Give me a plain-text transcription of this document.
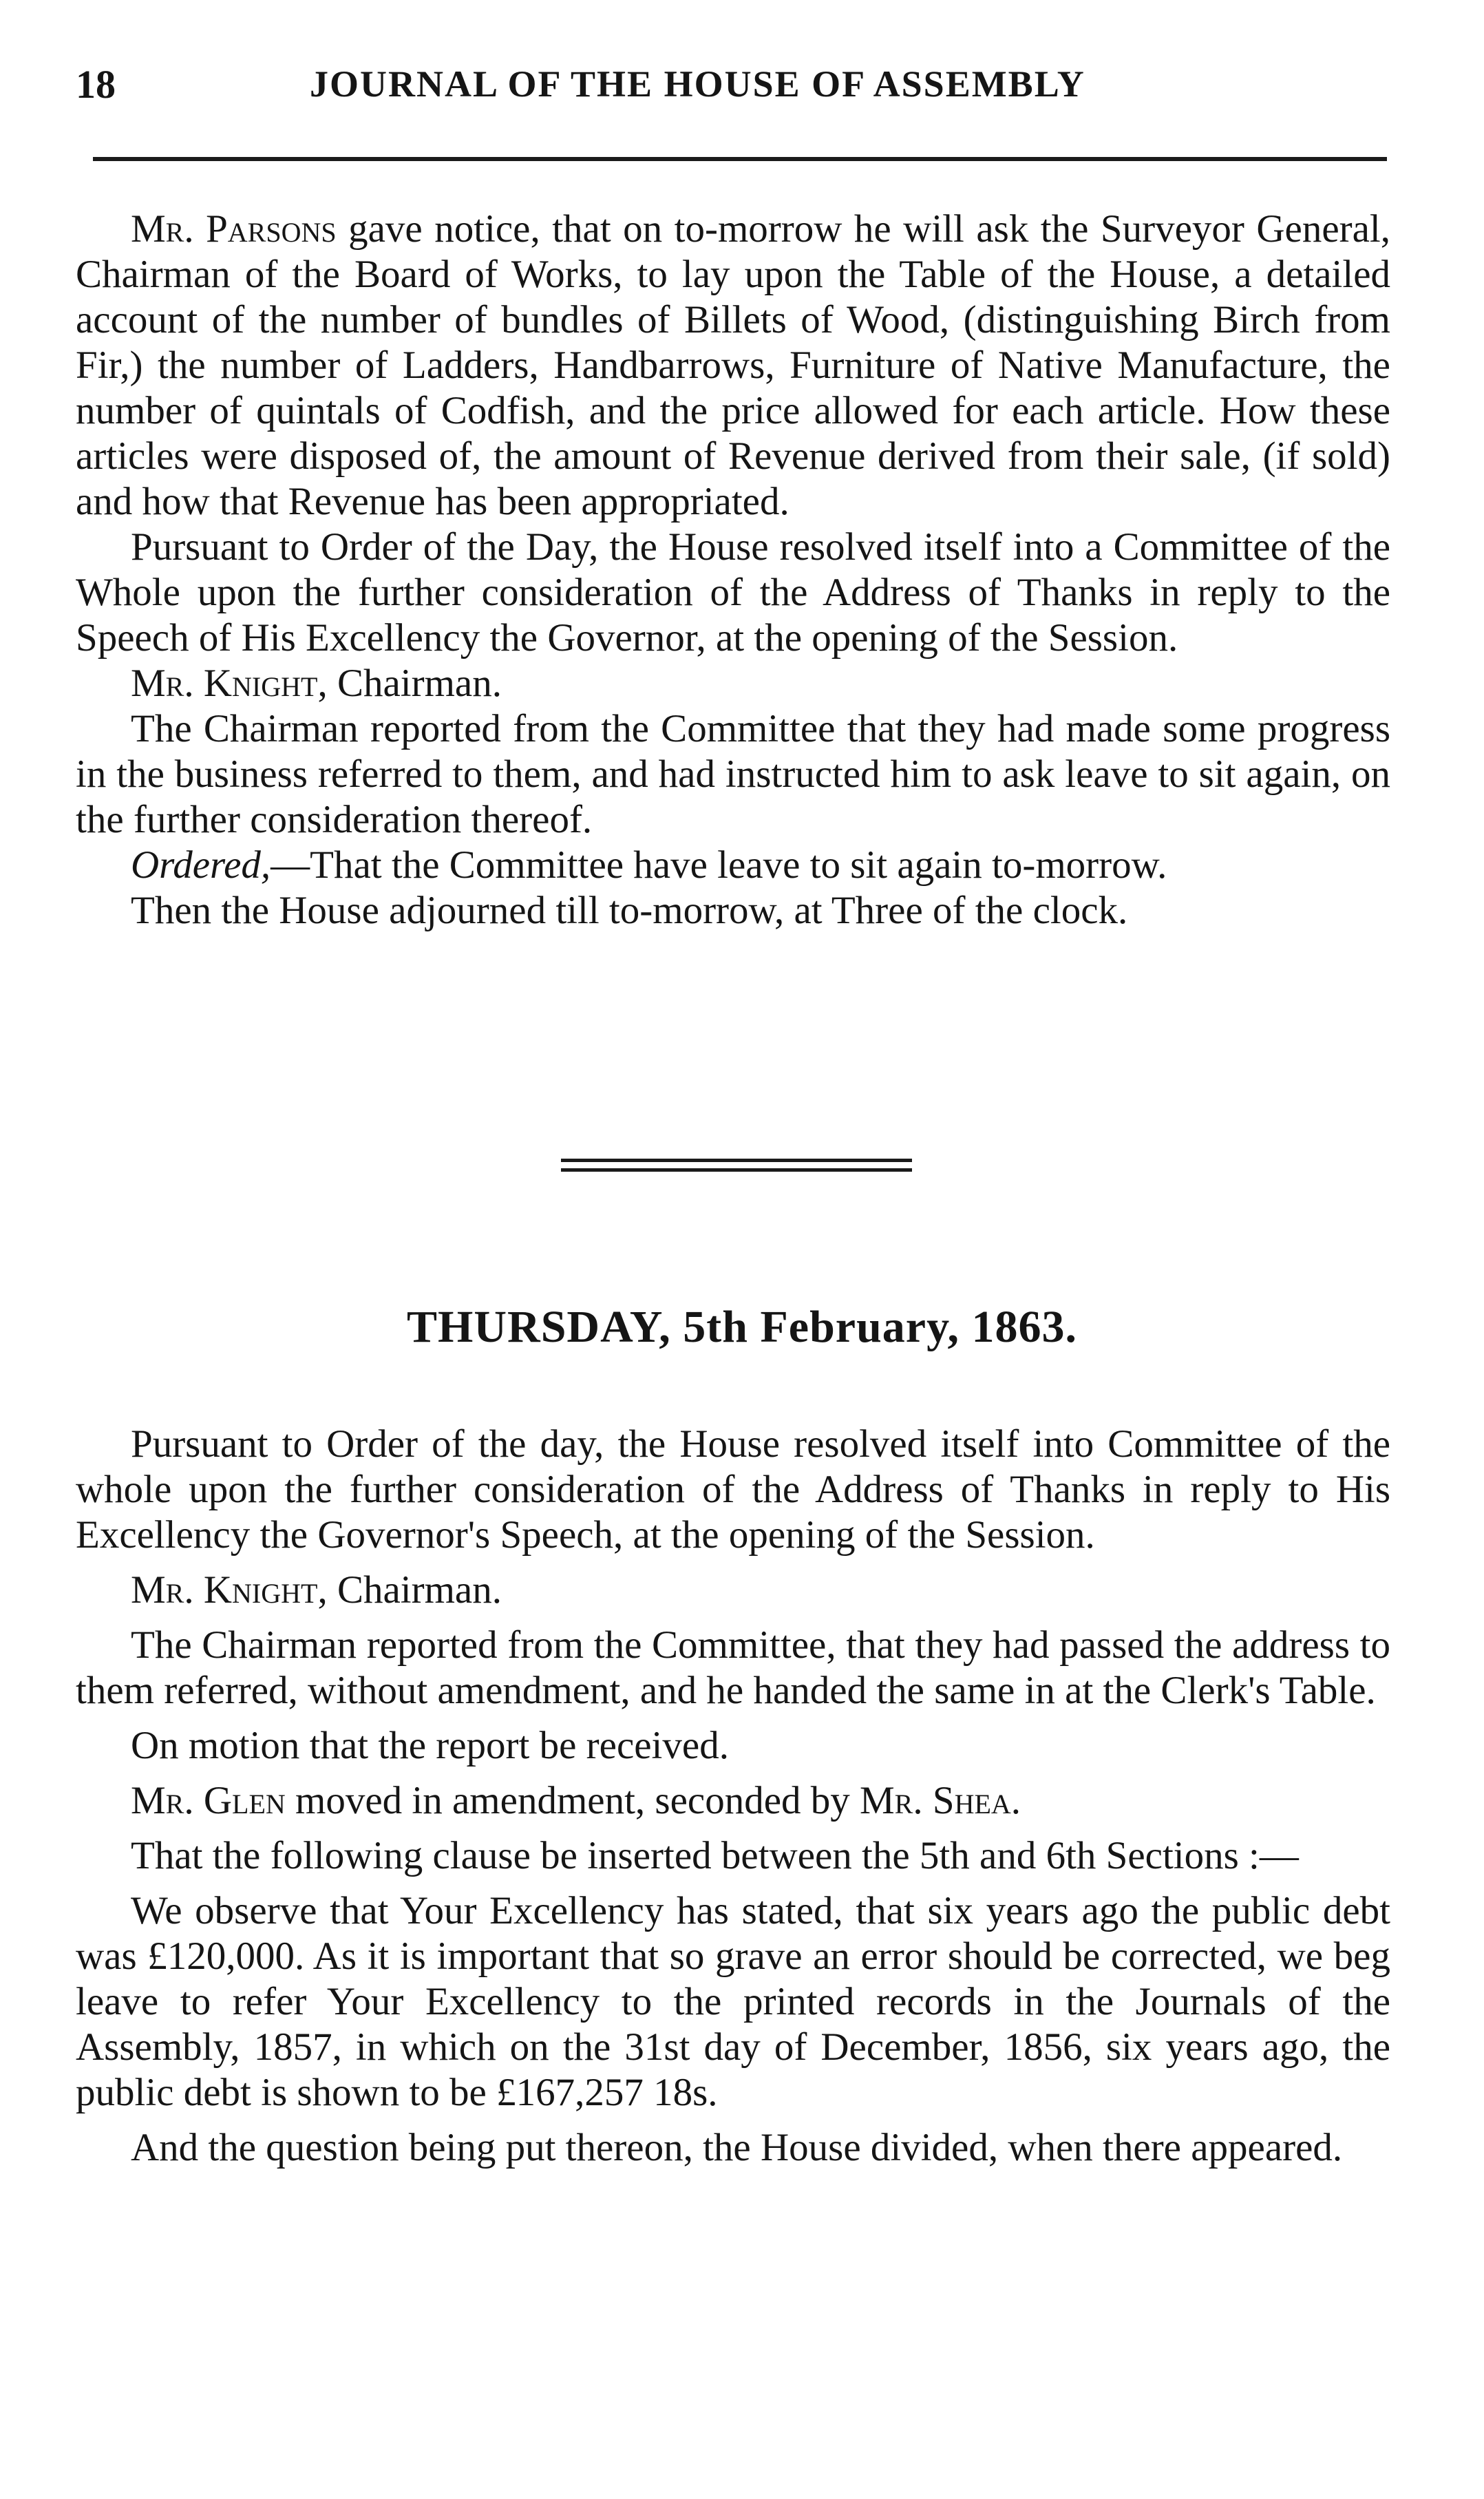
18	JOURNAL OF THE HOUSE OF ASSEMBLY

Mr. Parsons gave notice, that on to-morrow he will ask the Surveyor General, Chairman of the Board of Works, to lay upon the Table of the House, a detailed account of the number of bundles of Billets of Wood, (distinguishing Birch from Fir,) the number of Ladders, Handbarrows, Furniture of Native Manufacture, the number of quintals of Codfish, and the price allowed for each article. How these articles were disposed of, the amount of Revenue derived from their sale, (if sold) and how that Revenue has been appropriated.

Pursuant to Order of the Day, the House resolved itself into a Committee of the Whole upon the further consideration of the Address of Thanks in reply to the Speech of His Excellency the Governor, at the opening of the Session.

Mr. Knight, Chairman.

The Chairman reported from the Committee that they had made some progress in the business referred to them, and had instructed him to ask leave to sit again, on the further consideration thereof.

Ordered,—That the Committee have leave to sit again to-morrow.

Then the House adjourned till to-morrow, at Three of the clock.

THURSDAY, 5th February, 1863.

Pursuant to Order of the day, the House resolved itself into Committee of the whole upon the further consideration of the Address of Thanks in reply to His Excellency the Governor's Speech, at the opening of the Session.

Mr. Knight, Chairman.

The Chairman reported from the Committee, that they had passed the address to them referred, without amendment, and he handed the same in at the Clerk's Table.

On motion that the report be received.

Mr. Glen moved in amendment, seconded by Mr. Shea.

That the following clause be inserted between the 5th and 6th Sections :—

We observe that Your Excellency has stated, that six years ago the public debt was £120,000. As it is important that so grave an error should be corrected, we beg leave to refer Your Excellency to the printed records in the Journals of the Assembly, 1857, in which on the 31st day of December, 1856, six years ago, the public debt is shown to be £167,257 18s.

And the question being put thereon, the House divided, when there appeared.
